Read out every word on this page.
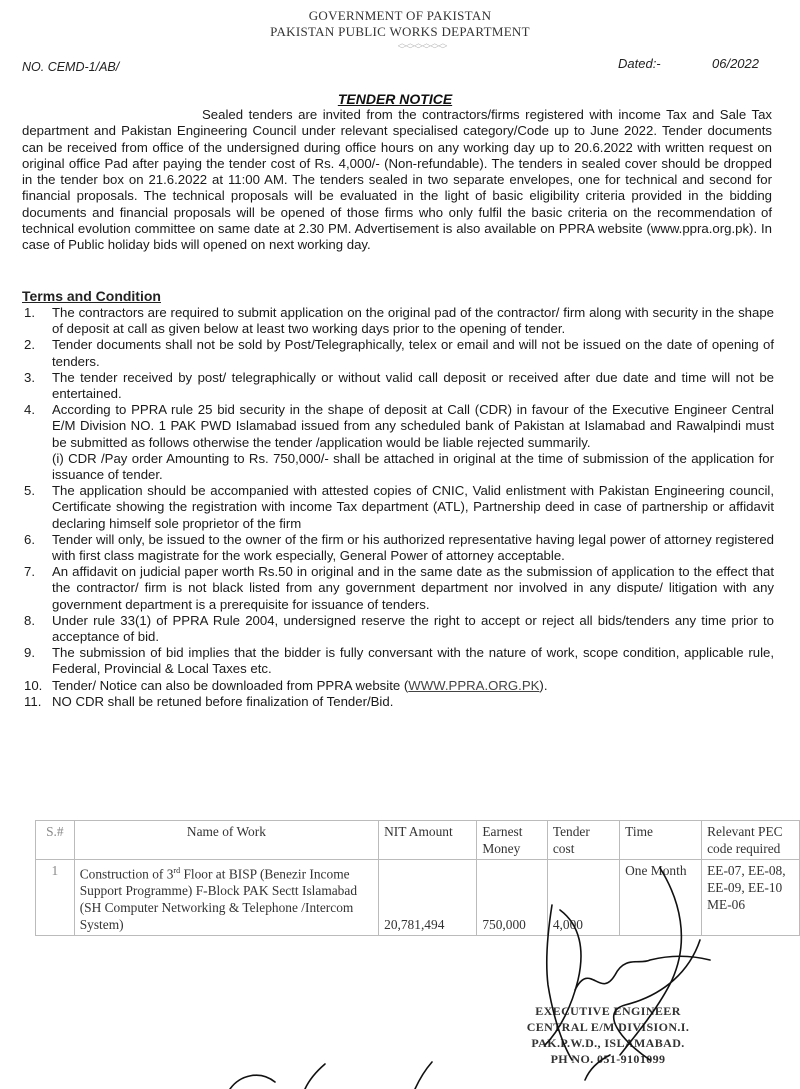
GOVERNMENT OF PAKISTAN
PAKISTAN PUBLIC WORKS DEPARTMENT
<><><><><><>
NO. CEMD-1/AB/	Dated:-	06/2022
TENDER NOTICE
Sealed tenders are invited from the contractors/firms registered with income Tax and Sale Tax department and Pakistan Engineering Council under relevant specialised category/Code up to June 2022. Tender documents can be received from office of the undersigned during office hours on any working day up to 20.6.2022 with written request on original office Pad after paying the tender cost of Rs. 4,000/- (Non-refundable). The tenders in sealed cover should be dropped in the tender box on 21.6.2022 at 11:00 AM. The tenders sealed in two separate envelopes, one for technical and second for financial proposals. The technical proposals will be evaluated in the light of basic eligibility criteria provided in the bidding documents and financial proposals will be opened of those firms who only fulfil the basic criteria on the recommendation of technical evolution committee on same date at 2.30 PM. Advertisement is also available on PPRA website (www.ppra.org.pk). In case of Public holiday bids will opened on next working day.
Terms and Condition
1. The contractors are required to submit application on the original pad of the contractor/ firm along with security in the shape of deposit at call as given below at least two working days prior to the opening of tender.
2. Tender documents shall not be sold by Post/Telegraphically, telex or email and will not be issued on the date of opening of tenders.
3. The tender received by post/ telegraphically or without valid call deposit or received after due date and time will not be entertained.
4. According to PPRA rule 25 bid security in the shape of deposit at Call (CDR) in favour of the Executive Engineer Central E/M Division NO. 1 PAK PWD Islamabad issued from any scheduled bank of Pakistan at Islamabad and Rawalpindi must be submitted as follows otherwise the tender /application would be liable rejected summarily.
(i) CDR /Pay order Amounting to Rs. 750,000/- shall be attached in original at the time of submission of the application for issuance of tender.
5. The application should be accompanied with attested copies of CNIC, Valid enlistment with Pakistan Engineering council, Certificate showing the registration with income Tax department (ATL), Partnership deed in case of partnership or affidavit declaring himself sole proprietor of the firm
6. Tender will only, be issued to the owner of the firm or his authorized representative having legal power of attorney registered with first class magistrate for the work especially, General Power of attorney acceptable.
7. An affidavit on judicial paper worth Rs.50 in original and in the same date as the submission of application to the effect that the contractor/ firm is not black listed from any government department nor involved in any dispute/ litigation with any government department is a prerequisite for issuance of tenders.
8. Under rule 33(1) of PPRA Rule 2004, undersigned reserve the right to accept or reject all bids/tenders any time prior to acceptance of bid.
9. The submission of bid implies that the bidder is fully conversant with the nature of work, scope condition, applicable rule, Federal, Provincial & Local Taxes etc.
10. Tender/ Notice can also be downloaded from PPRA website (WWW.PPRA.ORG.PK).
11. NO CDR shall be retuned before finalization of Tender/Bid.
S.#	Name of Work	NIT Amount	Earnest Money	Tender cost	Time	Relevant PEC code required
1	Construction of 3rd Floor at BISP (Benezir Income Support Programme) F-Block PAK Sectt Islamabad (SH Computer Networking & Telephone /Intercom System)	20,781,494	750,000	4,000	One Month	EE-07, EE-08, EE-09, EE-10 ME-06
EXECUTIVE ENGINEER
CENTRAL E/M DIVISION.I.
PAK.P.W.D., ISLAMABAD.
PH NO. 051-9101099
